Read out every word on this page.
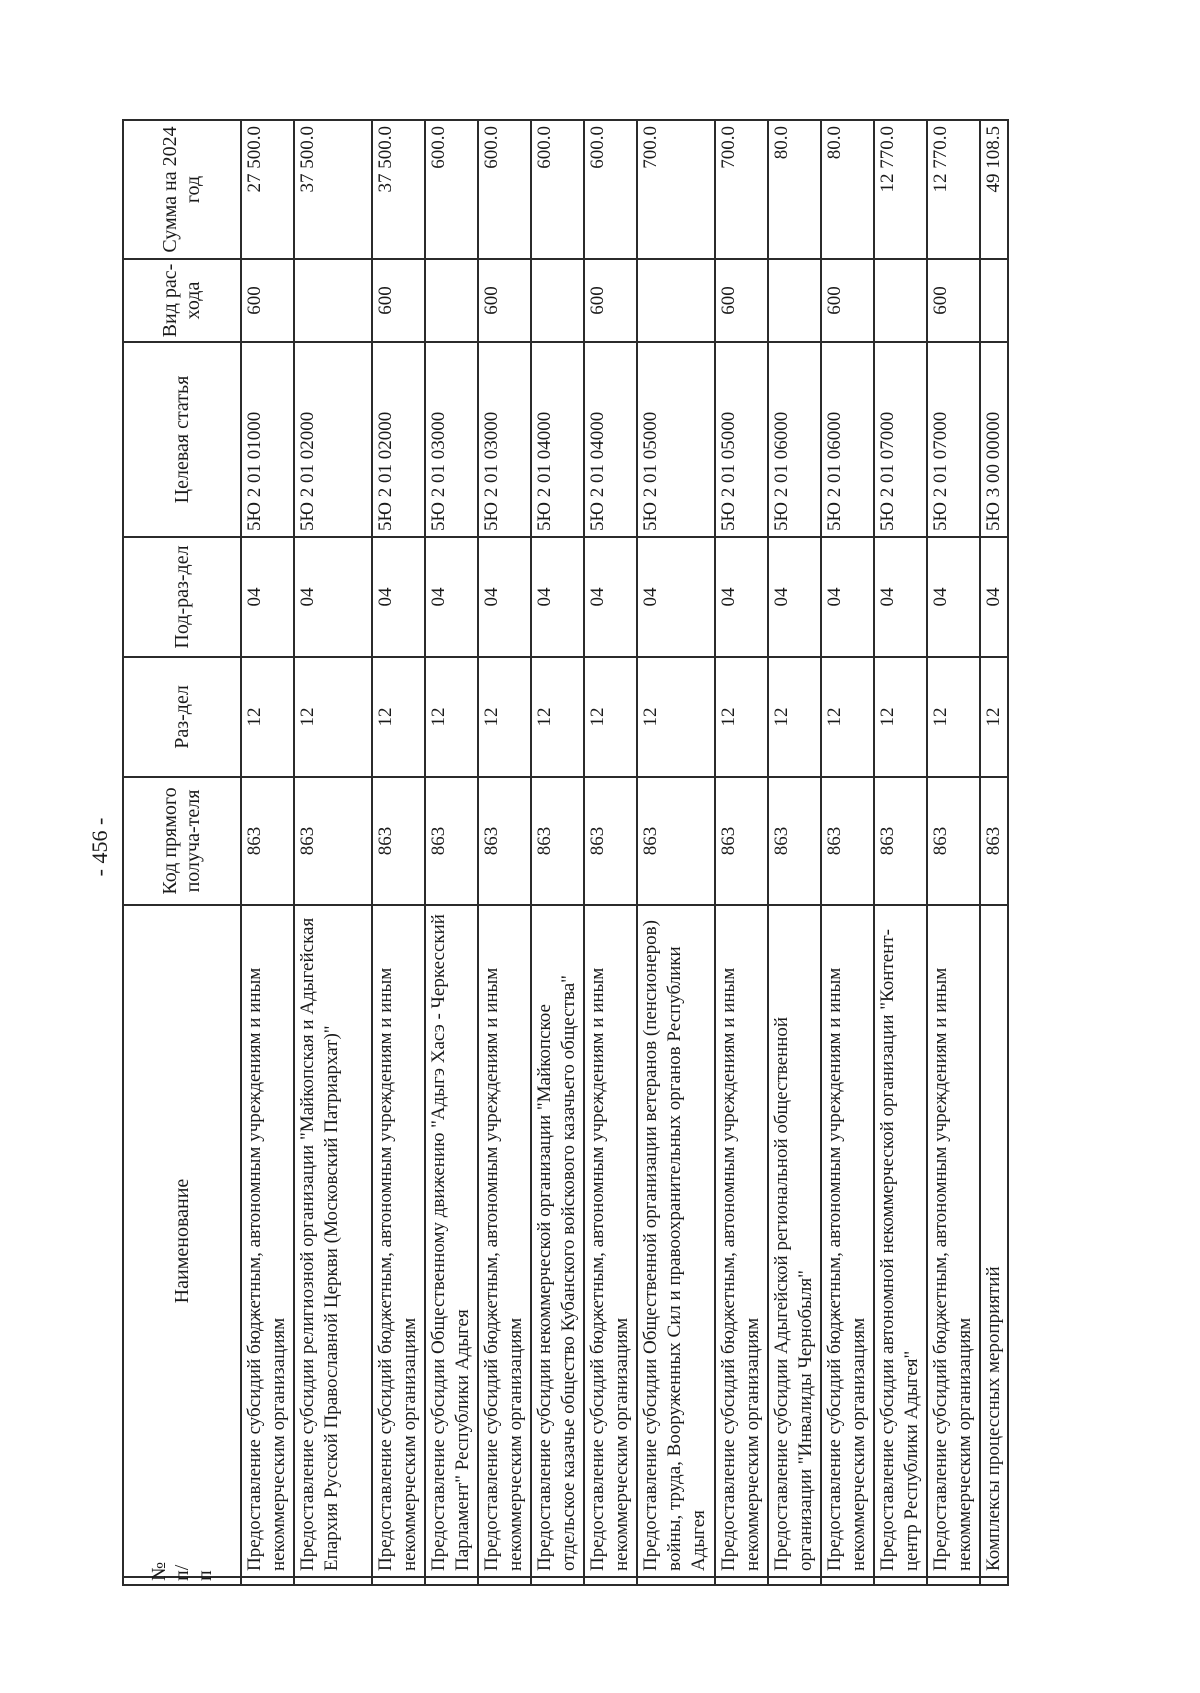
- 456 -
№ п/п	Наименование	Код прямого получа-теля	Раз-дел	Под-раз-дел	Целевая статья	Вид рас-хода	Сумма на 2024 год
	Предоставление субсидий бюджетным, автономным учреждениям и иным некоммерческим организациям	863	12	04	5Ю 2 01 01000	600	27 500.0
	Предоставление субсидии религиозной организации "Майкопская и Адыгейская Епархия Русской Православной Церкви (Московский Патриархат)"	863	12	04	5Ю 2 01 02000		37 500.0
	Предоставление субсидий бюджетным, автономным учреждениям и иным некоммерческим организациям	863	12	04	5Ю 2 01 02000	600	37 500.0
	Предоставление субсидии Общественному движению "Адыгэ Хасэ - Черкесский Парламент" Республики Адыгея	863	12	04	5Ю 2 01 03000		600.0
	Предоставление субсидий бюджетным, автономным учреждениям и иным некоммерческим организациям	863	12	04	5Ю 2 01 03000	600	600.0
	Предоставление субсидии некоммерческой организации "Майкопское отдельское казачье общество Кубанского войскового казачьего общества"	863	12	04	5Ю 2 01 04000		600.0
	Предоставление субсидий бюджетным, автономным учреждениям и иным некоммерческим организациям	863	12	04	5Ю 2 01 04000	600	600.0
	Предоставление субсидии Общественной организации ветеранов (пенсионеров) войны, труда, Вооруженных Сил и правоохранительных органов Республики Адыгея	863	12	04	5Ю 2 01 05000		700.0
	Предоставление субсидий бюджетным, автономным учреждениям и иным некоммерческим организациям	863	12	04	5Ю 2 01 05000	600	700.0
	Предоставление субсидии Адыгейской региональной общественной организации "Инвалиды Чернобыля"	863	12	04	5Ю 2 01 06000		80.0
	Предоставление субсидий бюджетным, автономным учреждениям и иным некоммерческим организациям	863	12	04	5Ю 2 01 06000	600	80.0
	Предоставление субсидии автономной некоммерческой организации "Контент-центр Республики Адыгея"	863	12	04	5Ю 2 01 07000		12 770.0
	Предоставление субсидий бюджетным, автономным учреждениям и иным некоммерческим организациям	863	12	04	5Ю 2 01 07000	600	12 770.0
	Комплексы процессных мероприятий	863	12	04	5Ю 3 00 00000		49 108.5
